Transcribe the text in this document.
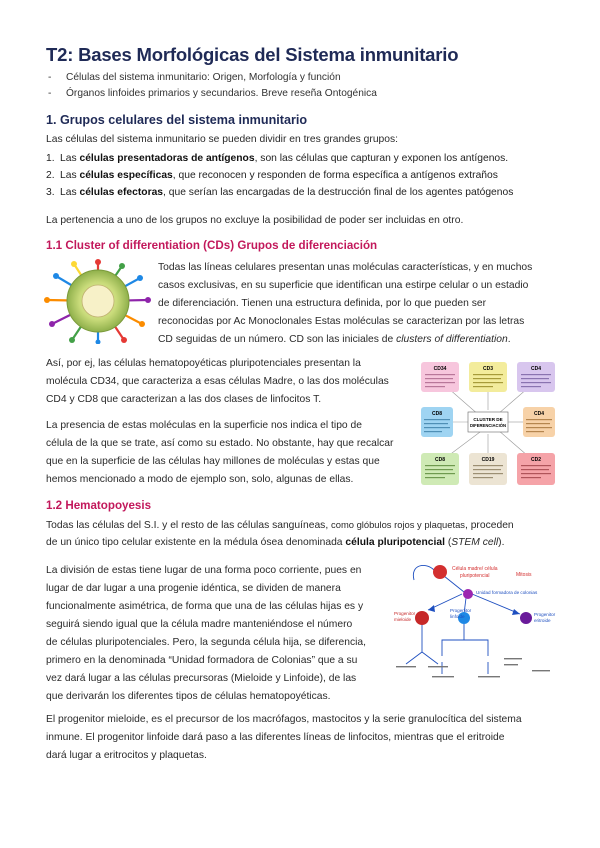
T2: Bases Morfológicas del Sistema inmunitario
- Células del sistema inmunitario: Origen, Morfología y función
- Órganos linfoides primarios y secundarios. Breve reseña Ontogénica
1. Grupos celulares del sistema inmunitario
Las células del sistema inmunitario se pueden dividir en tres grandes grupos:
1. Las células presentadoras de antígenos, son las células que capturan y exponen los antígenos.
2. Las células específicas, que reconocen y responden de forma específica a antígenos extraños
3. Las células efectoras, que serían las encargadas de la destrucción final de los agentes patógenos
La pertenencia a uno de los grupos no excluye la posibilidad de poder ser incluidas en otro.
1.1 Cluster of differentiation (CDs) Grupos de diferenciación
Todas las líneas celulares presentan unas moléculas características, y en muchos
casos exclusivas, en su superficie que identifican una estirpe celular o un estadio
de diferenciación. Tienen una estructura definida, por lo que pueden ser
reconocidas por Ac Monoclonales Estas moléculas se caracterizan por las letras
CD seguidas de un número. CD son las iniciales de clusters of differentiation.
Así, por ej, las células hematopoyéticas pluripotenciales presentan la
molécula CD34, que caracteriza a esas células Madre, o las dos moléculas
CD4 y CD8 que caracterizan a las dos clases de linfocitos T.
La presencia de estas moléculas en la superficie nos indica el tipo de
célula de la que se trate, así como su estado. No obstante, hay que recalcar
que en la superficie de las células hay millones de moléculas y estas que
hemos mencionado a modo de ejemplo son, solo, algunas de ellas.
CD34	CD3	CD4
CD8
CLUSTER DE
DIFERENCIACIÓN
CD4
CD8	CD19	CD2
1.2 Hematopoyesis
Todas las células del S.I. y el resto de las células sanguíneas, como glóbulos rojos y plaquetas, proceden
de un único tipo celular existente en la médula ósea denominada célula pluripotencial (STEM cell).
La división de estas tiene lugar de una forma poco corriente, pues en
lugar de dar lugar a una progenie idéntica, se dividen de manera
funcionalmente asimétrica, de forma que una de las células hijas es y
seguirá siendo igual que la célula madre manteniéndose el número
de células pluripotenciales. Pero, la segunda célula hija, se diferencia,
primero en la denominada “Unidad formadora de Colonias” que a su
vez dará lugar a las células precursoras (Mieloide y Linfoide), de las
que derivarán los diferentes tipos de células hematopoyéticas.
Célula madre/ célula
pluripotencial	Mitosis
Unidad formadora de colonias
Progenitor
mieloide
Progenitor
linfoide	Progenitor
eritroide
El progenitor mieloide, es el precursor de los macrófagos, mastocitos y la serie granulocítica del sistema
inmune. El progenitor linfoide dará paso a las diferentes líneas de linfocitos, mientras que el eritroide
dará lugar a eritrocitos y plaquetas.
